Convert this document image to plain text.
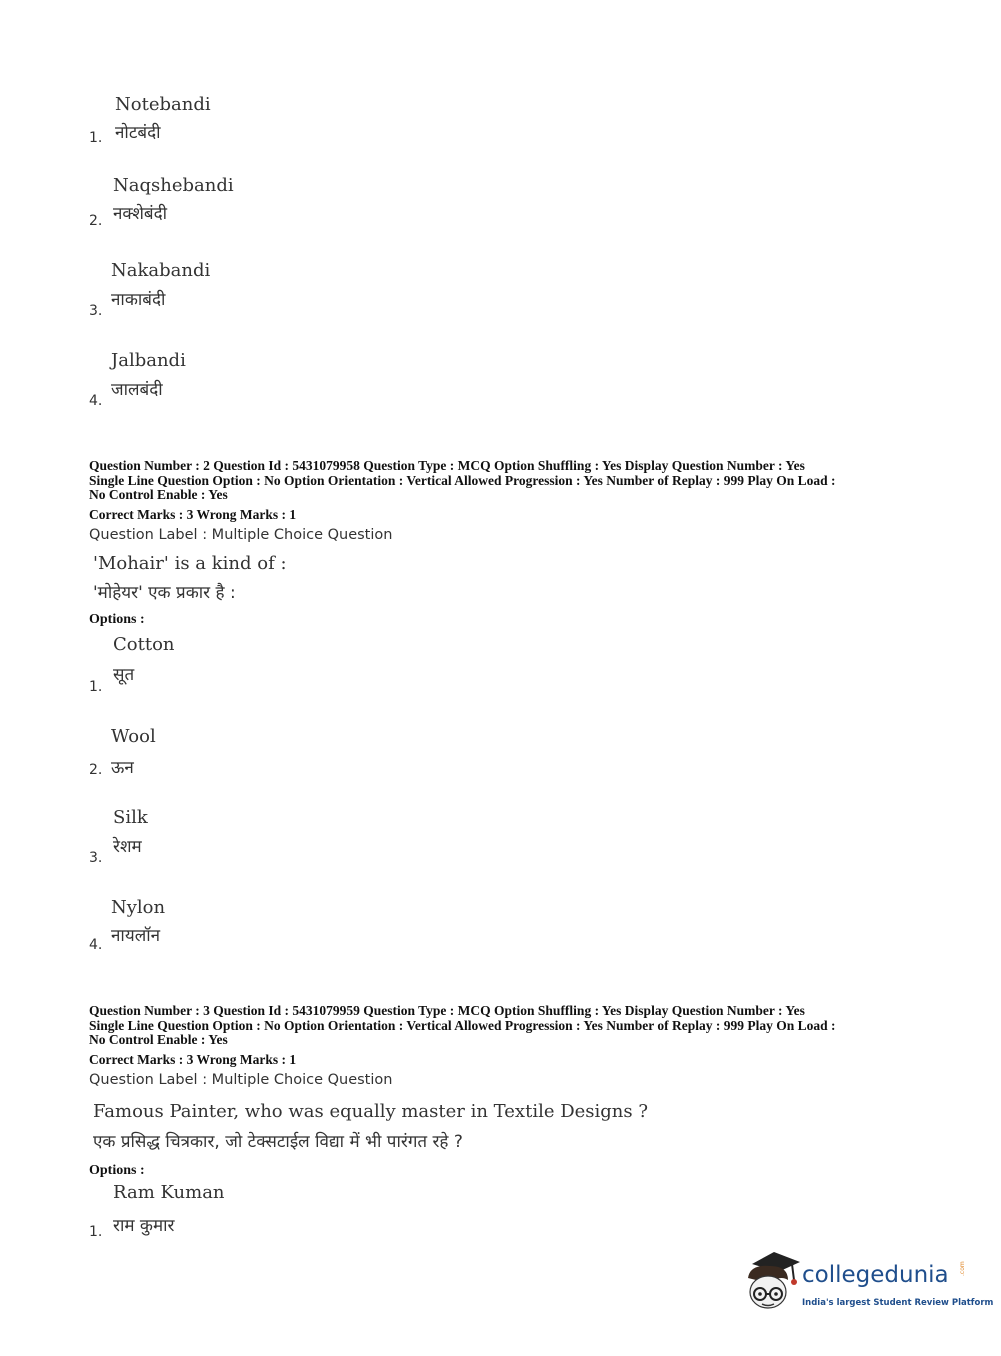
Notebandi
नोटबंदी
1.
Naqshebandi
नक्शेबंदी
2.
Nakabandi
नाकाबंदी
3.
Jalbandi
जालबंदी
4.
Question Number : 2 Question Id : 5431079958 Question Type : MCQ Option Shuffling : Yes Display Question Number : Yes
Single Line Question Option : No Option Orientation : Vertical Allowed Progression : Yes Number of Replay : 999 Play On Load :
No Control Enable : Yes
Correct Marks : 3 Wrong Marks : 1
Question Label : Multiple Choice Question
'Mohair' is a kind of :
'मोहेयर' एक प्रकार है :
Options :
Cotton
सूत
1.
Wool
ऊन
2.
Silk
रेशम
3.
Nylon
नायलॉन
4.
Question Number : 3 Question Id : 5431079959 Question Type : MCQ Option Shuffling : Yes Display Question Number : Yes
Single Line Question Option : No Option Orientation : Vertical Allowed Progression : Yes Number of Replay : 999 Play On Load :
No Control Enable : Yes
Correct Marks : 3 Wrong Marks : 1
Question Label : Multiple Choice Question
Famous Painter, who was equally master in Textile Designs ?
एक प्रसिद्ध चित्रकार, जो टेक्सटाईल विद्या में भी पारंगत रहे ?
Options :
Ram Kuman
राम कुमार
1.
collegedunia .com
India's largest Student Review Platform
